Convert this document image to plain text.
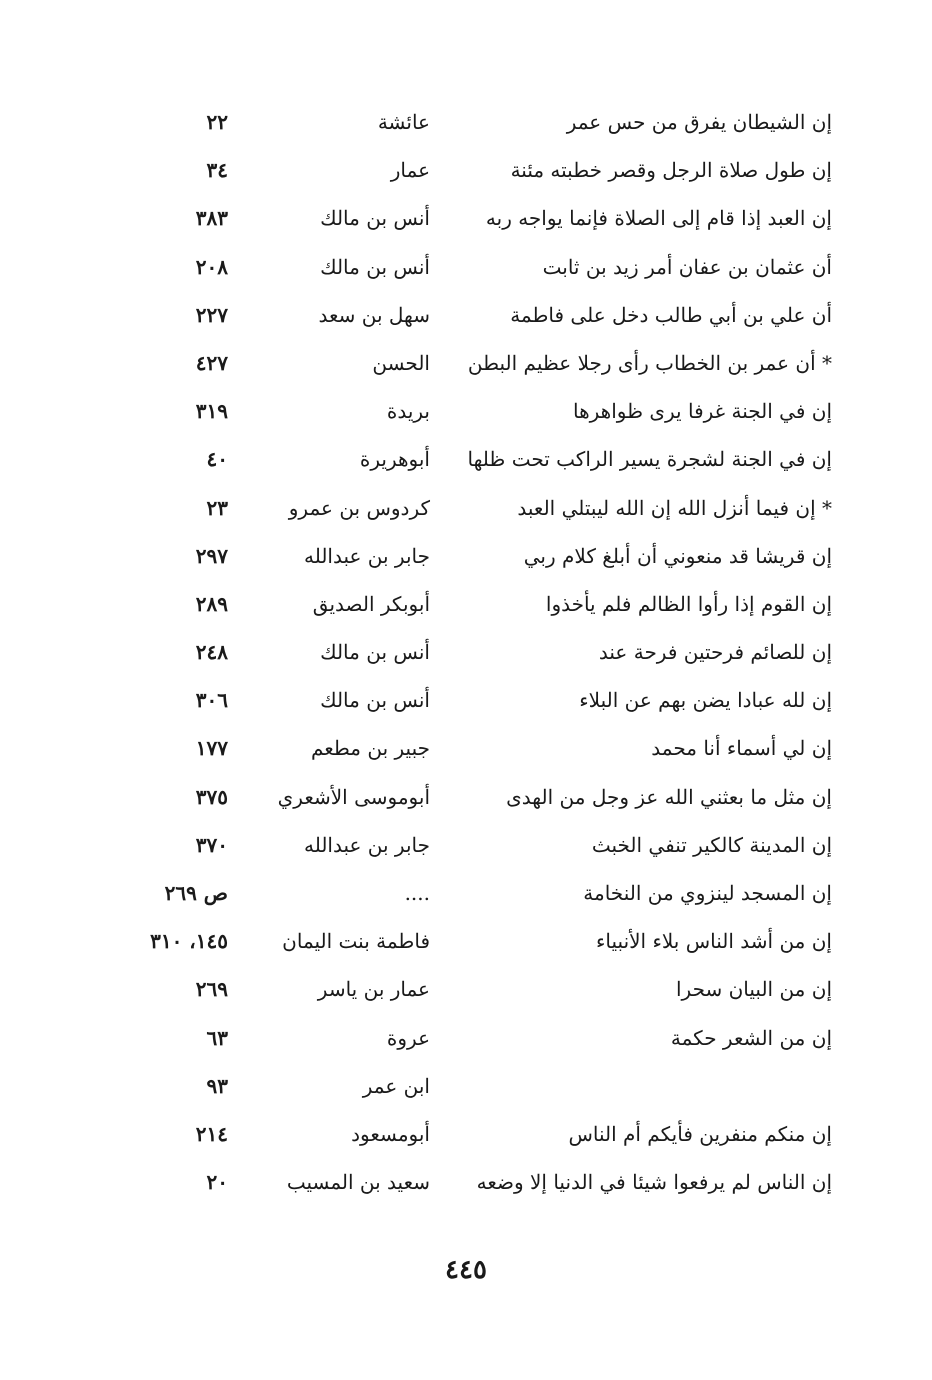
إن الشيطان يفرق من حس عمر
عائشة
٢٢
إن طول صلاة الرجل وقصر خطبته مئنة
عمار
٣٤
إن العبد إذا قام إلى الصلاة فإنما يواجه ربه
أنس بن مالك
٣٨٣
أن عثمان بن عفان أمر زيد بن ثابت
أنس بن مالك
٢٠٨
أن علي بن أبي طالب دخل على فاطمة
سهل بن سعد
٢٢٧
* أن عمر بن الخطاب رأى رجلا عظيم البطن
الحسن
٤٢٧
إن في الجنة غرفا يرى ظواهرها
بريدة
٣١٩
إن في الجنة لشجرة يسير الراكب تحت ظلها
أبوهريرة
٤٠
* إن فيما أنزل الله إن الله ليبتلي العبد
كردوس بن عمرو
٢٣
إن قريشا قد منعوني أن أبلغ كلام ربي
جابر بن عبدالله
٢٩٧
إن القوم إذا رأوا الظالم فلم يأخذوا
أبوبكر الصديق
٢٨٩
إن للصائم فرحتين فرحة عند
أنس بن مالك
٢٤٨
إن لله عبادا يضن بهم عن البلاء
أنس بن مالك
٣٠٦
إن لي أسماء أنا محمد
جبير بن مطعم
١٧٧
إن مثل ما بعثني الله عز وجل من الهدى
أبوموسى الأشعري
٣٧٥
إن المدينة كالكير تنفي الخبث
جابر بن عبدالله
٣٧٠
إن المسجد لينزوي من النخامة
....
ص ٢٦٩
إن من أشد الناس بلاء الأنبياء
فاطمة بنت اليمان
١٤٥، ٣١٠
إن من البيان سحرا
عمار بن ياسر
٢٦٩
إن من الشعر حكمة
عروة
٦٣
ابن عمر
٩٣
إن منكم منفرين فأيكم أم الناس
أبومسعود
٢١٤
إن الناس لم يرفعوا شيئا في الدنيا إلا وضعه
سعيد بن المسيب
٢٠
٤٤٥
